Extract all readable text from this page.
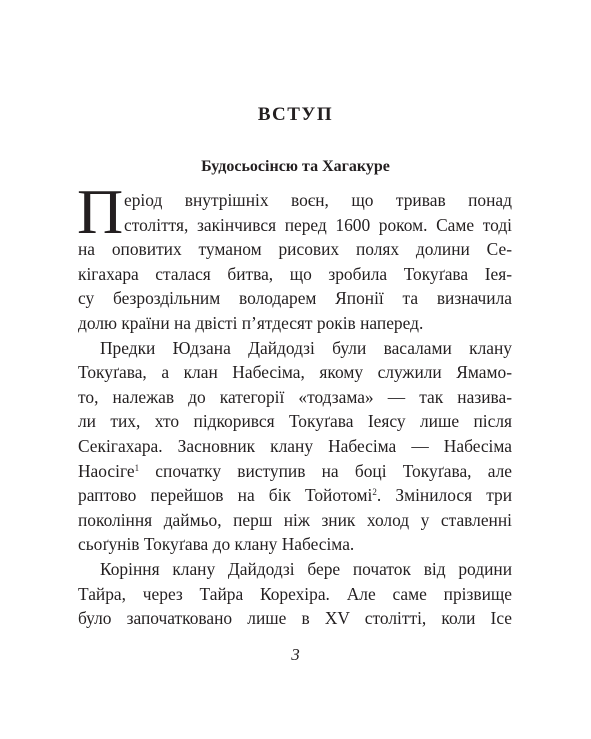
ВСТУП
Будосьосінсю та Хагакуре
П еріод внутрішніх воєн, що тривав понад
століття, закінчився перед 1600 роком. Саме тоді
на оповитих туманом рисових полях долини Се-
кігахара сталася битва, що зробила Токуґава Іея-
су безроздільним володарем Японії та визначила
долю країни на двісті п’ятдесят років наперед.
Предки Юдзана Дайдодзі були васалами клану
Токуґава, а клан Набесіма, якому служили Ямамо-
то, належав до категорії «тодзама» — так назива-
ли тих, хто підкорився Токуґава Іеясу лише після
Секігахара. Засновник клану Набесіма — Набесіма
Наосіге$^1$ спочатку виступив на боці Токуґава, але
раптово перейшов на бік Тойотомі$^2$. Змінилося три
покоління даймьо, перш ніж зник холод у ставленні
сьоґунів Токуґава до клану Набесіма.
Коріння клану Дайдодзі бере початок від родини
Тайра, через Тайра Корехіра. Але саме прізвище
було започатковано лише в XV столітті, коли Ісе
3
